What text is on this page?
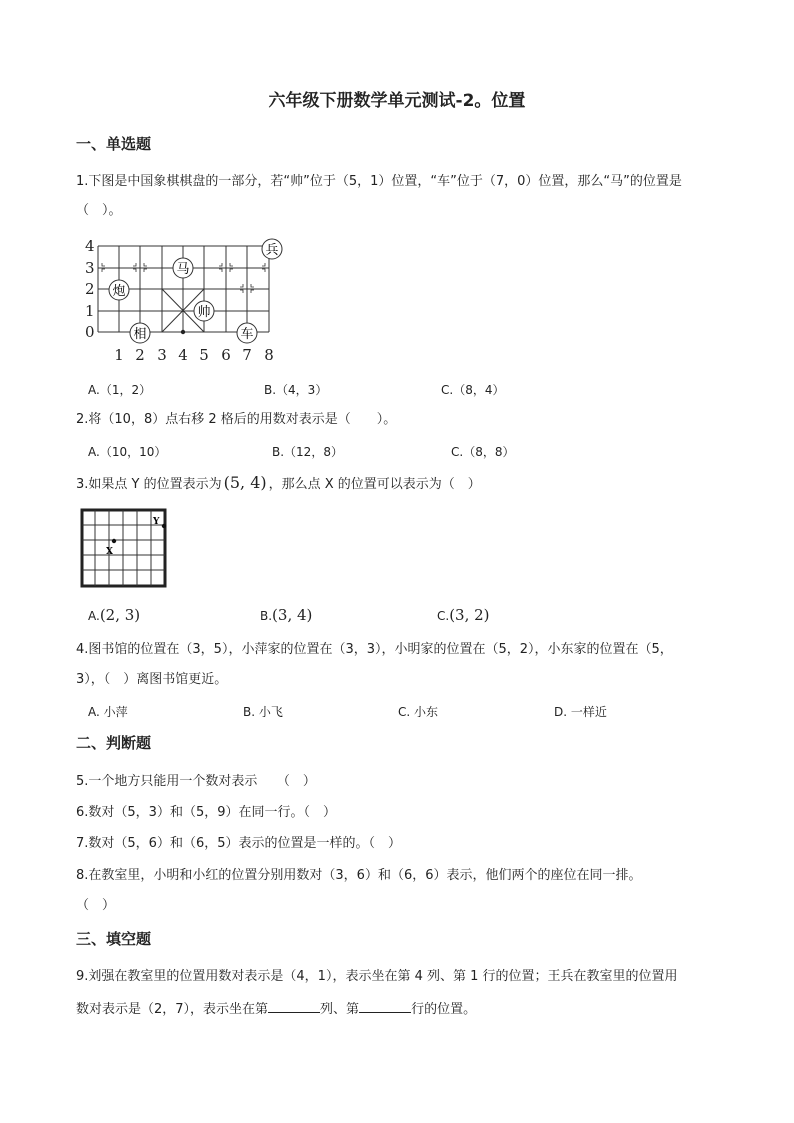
六年级下册数学单元测试-2。位置
一、单选题
1.下图是中国象棋棋盘的一部分，若“帅”位于（5，1）位置，“车”位于（7，0）位置，那么“马”的位置是
（　）。
兵
马
炮
帅
相	车
4
3
2
1
0
1 2 3 4 5 6 7 8
A.（1，2）	B.（4，3）	C.（8，4）
2.将（10，8）点右移 2 格后的用数对表示是（　　）。
A.（10，10）	B.（12，8）	C.（8，8）
3.如果点 Y 的位置表示为 (5, 4) ，那么点 X 的位置可以表示为（　）
Y
X
A.(2, 3)	B.(3, 4)	C.(3, 2)
4.图书馆的位置在（3，5），小萍家的位置在（3，3），小明家的位置在（5，2），小东家的位置在（5，
3），（　）离图书馆更近。
A. 小萍	B. 小飞	C. 小东	D. 一样近
二、判断题
5.一个地方只能用一个数对表示　　（　）
6.数对（5，3）和（5，9）在同一行。（　）
7.数对（5，6）和（6，5）表示的位置是一样的。（　）
8.在教室里，小明和小红的位置分别用数对（3，6）和（6，6）表示，他们两个的座位在同一排。
（　）
三、填空题
9.刘强在教室里的位置用数对表示是（4，1），表示坐在第 4 列、第 1 行的位置；王兵在教室里的位置用
数对表示是（2，7），表示坐在第	列、第	行的位置。
